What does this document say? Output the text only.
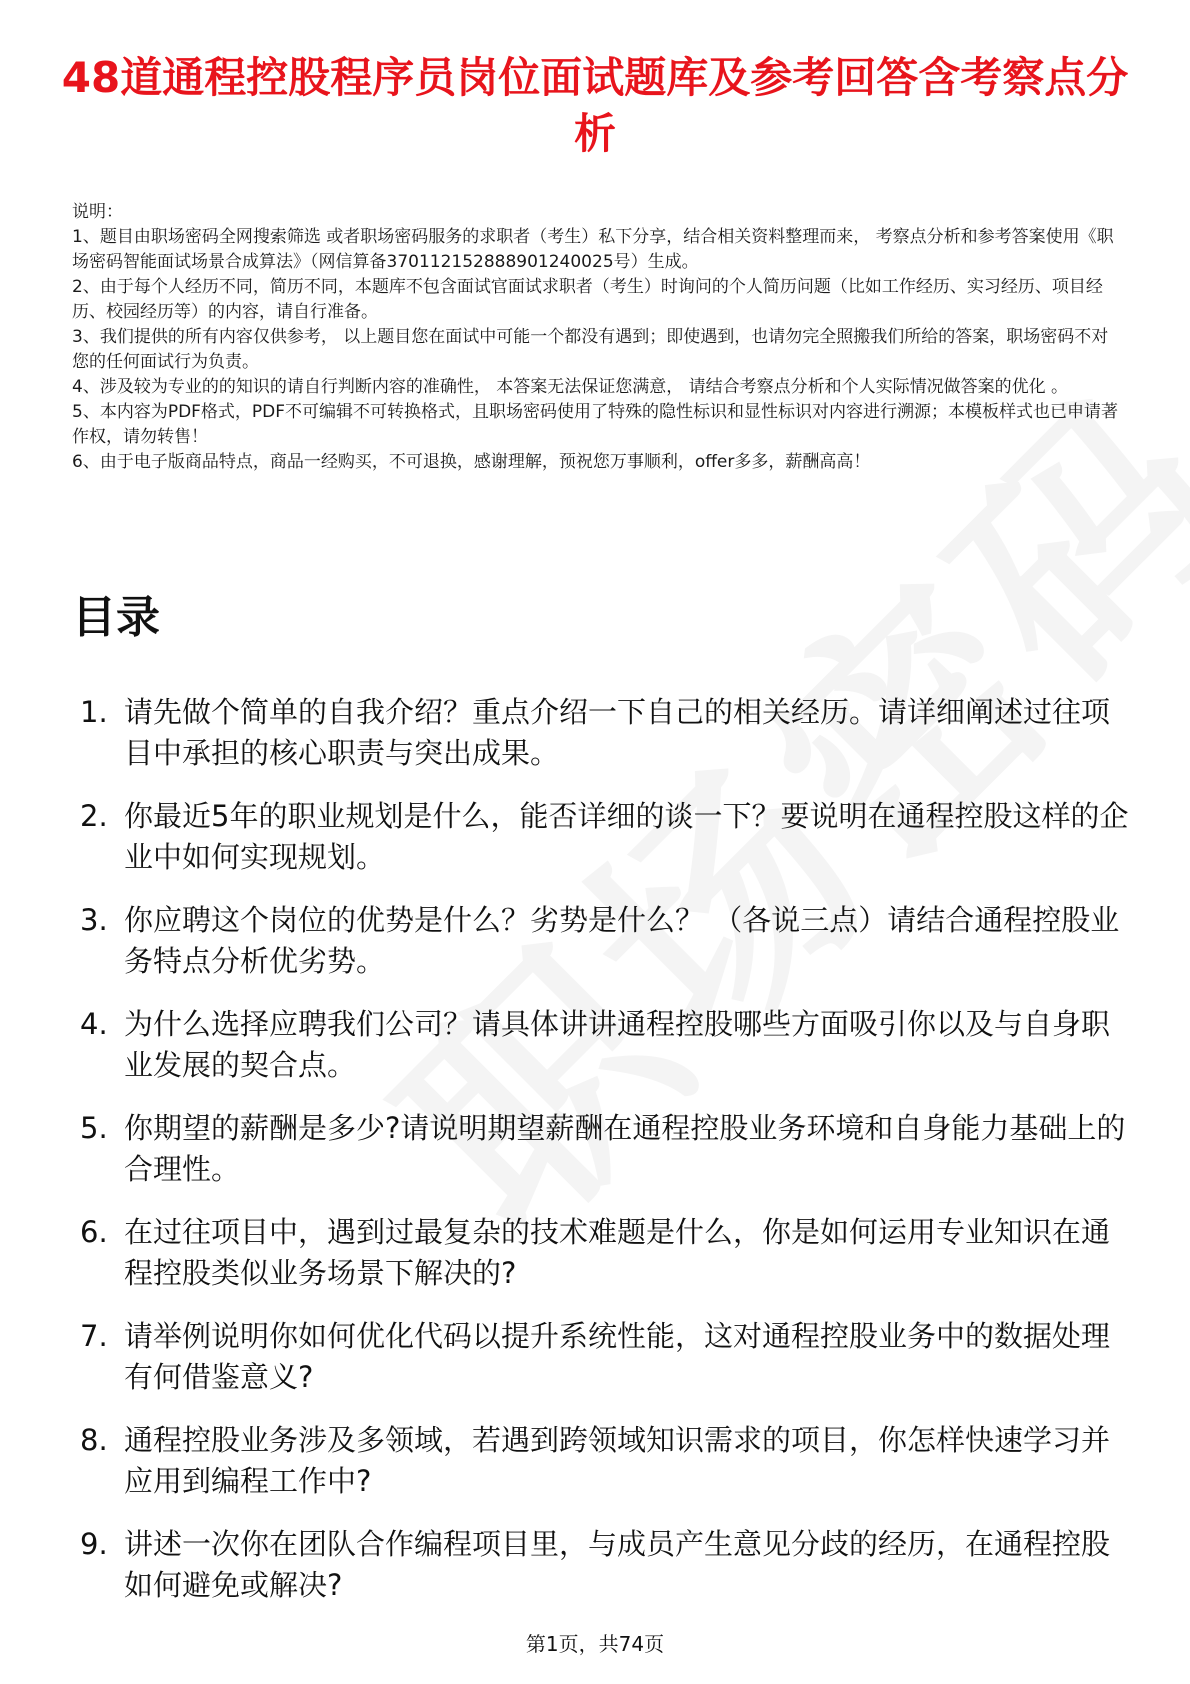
48道通程控股程序员岗位面试题库及参考回答含考察点分析

说明：

1、题目由职场密码全网搜索筛选 或者职场密码服务的求职者（考生）私下分享，结合相关资料整理而来， 考察点分析和参考答案使用《职场密码智能面试场景合成算法》（网信算备370112152888901240025号）生成。

2、由于每个人经历不同，简历不同，本题库不包含面试官面试求职者（考生）时询问的个人简历问题（比如工作经历、实习经历、项目经历、校园经历等）的内容，请自行准备。

3、我们提供的所有内容仅供参考， 以上题目您在面试中可能一个都没有遇到；即使遇到，也请勿完全照搬我们所给的答案，职场密码不对您的任何面试行为负责。

4、涉及较为专业的的知识的请自行判断内容的准确性， 本答案无法保证您满意， 请结合考察点分析和个人实际情况做答案的优化 。

5、本内容为PDF格式，PDF不可编辑不可转换格式，且职场密码使用了特殊的隐性标识和显性标识对内容进行溯源；本模板样式也已申请著作权，请勿转售！

6、由于电子版商品特点，商品一经购买，不可退换，感谢理解，预祝您万事顺利，offer多多，薪酬高高！

目录
1. 请先做个简单的自我介绍？重点介绍一下自己的相关经历。请详细阐述过往项目中承担的核心职责与突出成果。
2. 你最近5年的职业规划是什么，能否详细的谈一下？要说明在通程控股这样的企业中如何实现规划。
3. 你应聘这个岗位的优势是什么？劣势是什么？ （各说三点）请结合通程控股业务特点分析优劣势。
4. 为什么选择应聘我们公司？请具体讲讲通程控股哪些方面吸引你以及与自身职业发展的契合点。
5. 你期望的薪酬是多少?请说明期望薪酬在通程控股业务环境和自身能力基础上的合理性。
6. 在过往项目中，遇到过最复杂的技术难题是什么，你是如何运用专业知识在通程控股类似业务场景下解决的?
7. 请举例说明你如何优化代码以提升系统性能，这对通程控股业务中的数据处理有何借鉴意义?
8. 通程控股业务涉及多领域，若遇到跨领域知识需求的项目，你怎样快速学习并应用到编程工作中?
9. 讲述一次你在团队合作编程项目里，与成员产生意见分歧的经历，在通程控股如何避免或解决?
第1页，共74页
